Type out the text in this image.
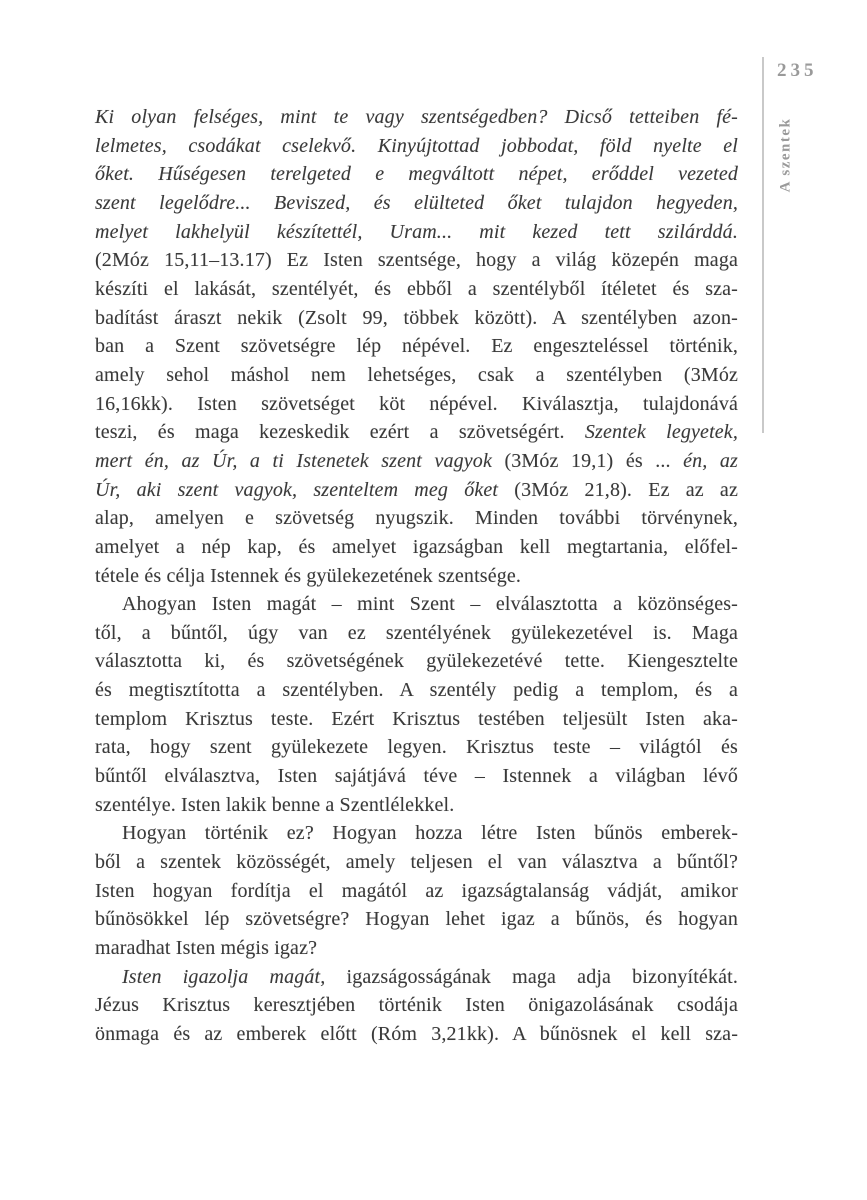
235
A szentek
Ki olyan felséges, mint te vagy szentségedben? Dicső tetteiben fé-
lelmetes, csodákat cselekvő. Kinyújtottad jobbodat, föld nyelte el
őket. Hűségesen terelgeted e megváltott népet, erőddel vezeted
szent legelődre... Beviszed, és elülteted őket tulajdon hegyeden,
melyet lakhelyül készítettél, Uram... mit kezed tett szilárddá.
(2Móz 15,11–13.17) Ez Isten szentsége, hogy a világ közepén maga
készíti el lakását, szentélyét, és ebből a szentélyből ítéletet és sza-
badítást áraszt nekik (Zsolt 99, többek között). A szentélyben azon-
ban a Szent szövetségre lép népével. Ez engeszteléssel történik,
amely sehol máshol nem lehetséges, csak a szentélyben (3Móz
16,16kk). Isten szövetséget köt népével. Kiválasztja, tulajdonává
teszi, és maga kezeskedik ezért a szövetségért. Szentek legyetek,
mert én, az Úr, a ti Istenetek szent vagyok (3Móz 19,1) és ... én, az
Úr, aki szent vagyok, szenteltem meg őket (3Móz 21,8). Ez az az
alap, amelyen e szövetség nyugszik. Minden további törvénynek,
amelyet a nép kap, és amelyet igazságban kell megtartania, előfel-
tétele és célja Istennek és gyülekezetének szentsége.
Ahogyan Isten magát – mint Szent – elválasztotta a közönséges-
től, a bűntől, úgy van ez szentélyének gyülekezetével is. Maga
választotta ki, és szövetségének gyülekezetévé tette. Kiengesztelte
és megtisztította a szentélyben. A szentély pedig a templom, és a
templom Krisztus teste. Ezért Krisztus testében teljesült Isten aka-
rata, hogy szent gyülekezete legyen. Krisztus teste – világtól és
bűntől elválasztva, Isten sajátjává téve – Istennek a világban lévő
szentélye. Isten lakik benne a Szentlélekkel.
Hogyan történik ez? Hogyan hozza létre Isten bűnös emberek-
ből a szentek közösségét, amely teljesen el van választva a bűntől?
Isten hogyan fordítja el magától az igazságtalanság vádját, amikor
bűnösökkel lép szövetségre? Hogyan lehet igaz a bűnös, és hogyan
maradhat Isten mégis igaz?
Isten igazolja magát, igazságosságának maga adja bizonyítékát.
Jézus Krisztus keresztjében történik Isten önigazolásának csodája
önmaga és az emberek előtt (Róm 3,21kk). A bűnösnek el kell sza-
